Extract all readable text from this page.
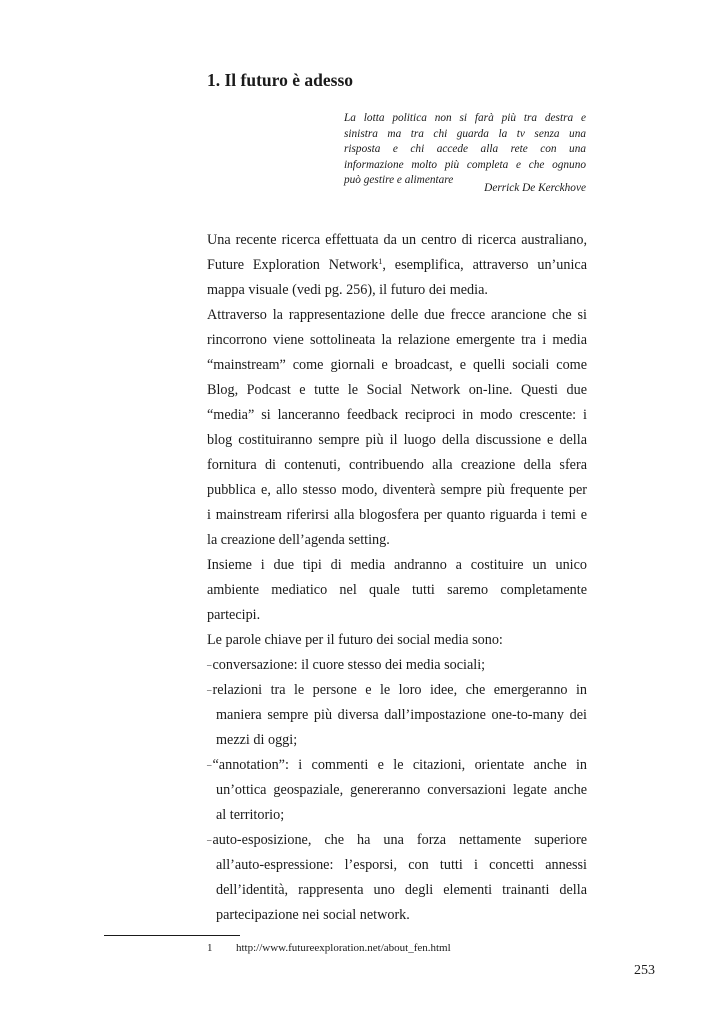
1. Il futuro è adesso
La lotta politica non si farà più tra destra e
sinistra ma tra chi guarda la tv senza una
risposta e chi accede alla rete con una
informazione molto più completa e che ognuno
può gestire e alimentare
Derrick De Kerckhove
Una recente ricerca effettuata da un centro di ricerca australiano,
Future Exploration Network$^1$, esemplifica, attraverso un’unica
mappa visuale (vedi pg. 256), il futuro dei media.
Attraverso la rappresentazione delle due frecce arancione che si
rincorrono viene sottolineata la relazione emergente tra i media
“mainstream” come giornali e broadcast, e quelli sociali come
Blog, Podcast e tutte le Social Network on-line. Questi due
“media” si lanceranno feedback reciproci in modo crescente: i
blog costituiranno sempre più il luogo della discussione e della
fornitura di contenuti, contribuendo alla creazione della sfera
pubblica e, allo stesso modo, diventerà sempre più frequente per
i mainstream riferirsi alla blogosfera per quanto riguarda i temi e
la creazione dell’agenda setting.
Insieme i due tipi di media andranno a costituire un unico
ambiente mediatico nel quale tutti saremo completamente
partecipi.
Le parole chiave per il futuro dei social media sono:
–conversazione: il cuore stesso dei media sociali;
–relazioni tra le persone e le loro idee, che emergeranno in
maniera sempre più diversa dall’impostazione one-to-many dei
mezzi di oggi;
–“annotation”: i commenti e le citazioni, orientate anche in
un’ottica geospaziale, genereranno conversazioni legate anche
al territorio;
–auto-esposizione, che ha una forza nettamente superiore
all’auto-espressione: l’esporsi, con tutti i concetti annessi
dell’identità, rappresenta uno degli elementi trainanti della
partecipazione nei social network.
1 http://www.futureexploration.net/about_fen.html
253
